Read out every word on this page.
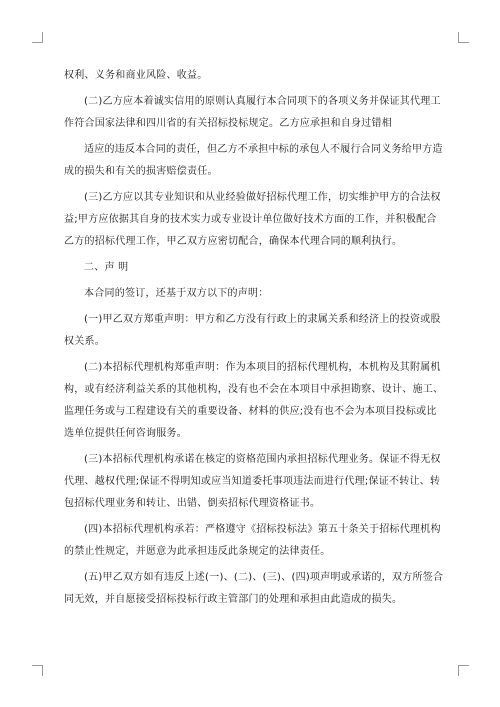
权利、义务和商业风险、收益。

(二)乙方应本着诚实信用的原则认真履行本合同项下的各项义务并保证其代理工作符合国家法律和四川省的有关招标投标规定。乙方应承担和自身过错相

适应的违反本合同的责任，但乙方不承担中标的承包人不履行合同义务给甲方造成的损失和有关的损害赔偿责任。

(三)乙方应以其专业知识和从业经验做好招标代理工作，切实维护甲方的合法权益;甲方应依据其自身的技术实力或专业设计单位做好技术方面的工作，并积极配合乙方的招标代理工作，甲乙双方应密切配合，确保本代理合同的顺利执行。

二、声 明

本合同的签订，还基于双方以下的声明：

(一)甲乙双方郑重声明：甲方和乙方没有行政上的隶属关系和经济上的投资或股权关系。

(二)本招标代理机构郑重声明：作为本项目的招标代理机构，本机构及其附属机构，或有经济利益关系的其他机构，没有也不会在本项目中承担勘察、设计、施工、监理任务或与工程建设有关的重要设备、材料的供应;没有也不会为本项目投标或比选单位提供任何咨询服务。

(三)本招标代理机构承诺在核定的资格范围内承担招标代理业务。保证不得无权代理、越权代理;保证不得明知或应当知道委托事项违法而进行代理;保证不转让、转包招标代理业务和转让、出错、倒卖招标代理资格证书。

(四)本招标代理机构承若：严格遵守《招标投标法》第五十条关于招标代理机构的禁止性规定，并愿意为此承担违反此条规定的法律责任。

(五)甲乙双方如有违反上述(一)、(二)、(三)、(四)项声明或承诺的，双方所签合同无效，并自愿接受招标投标行政主管部门的处理和承担由此造成的损失。
